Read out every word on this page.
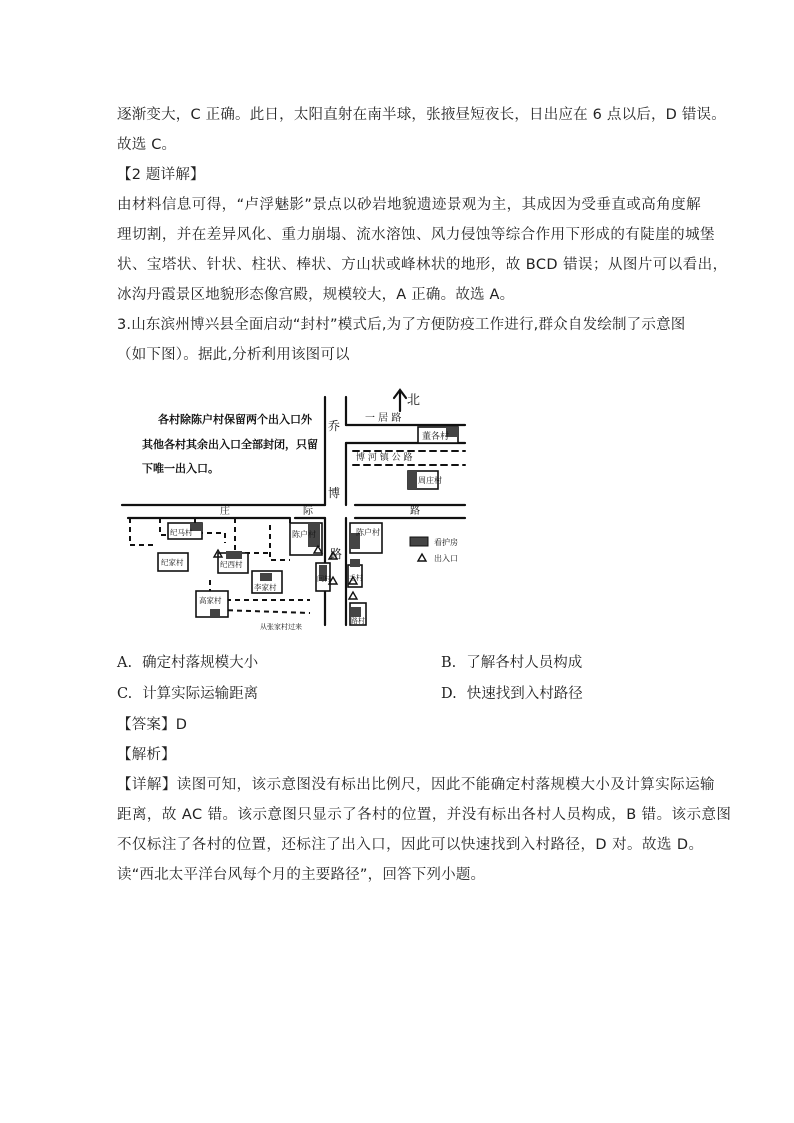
逐渐变大，C 正确。此日，太阳直射在南半球，张掖昼短夜长，日出应在 6 点以后，D 错误。
故选 C。
【2 题详解】
由材料信息可得，“卢浮魅影”景点以砂岩地貌遗迹景观为主，其成因为受垂直或高角度解
理切割，并在差异风化、重力崩塌、流水溶蚀、风力侵蚀等综合作用下形成的有陡崖的城堡
状、宝塔状、针状、柱状、棒状、方山状或峰林状的地形，故 BCD 错误；从图片可以看出，
冰沟丹霞景区地貌形态像宫殿，规模较大，A 正确。故选 A。
3.山东滨州博兴县全面启动“封村”模式后,为了方便防疫工作进行,群众自发绘制了示意图
（如下图）。据此,分析利用该图可以
董各村
周庄村
各村除陈户村保留两个出入口外
其他各村其余出入口全部封闭，只留
下唯一出入口。
北
一 居 路
博 河 镇 公 路
乔
博
庄	际	路
路
纪家村
纪马村
纪西村
李家村
高家村
从张家村过来
陈户村	陈户村
闫村	毛村
路村
看护房
出入口
A. 确定村落规模大小	B. 了解各村人员构成
C. 计算实际运输距离	D. 快速找到入村路径
【答案】D
【解析】
【详解】读图可知，该示意图没有标出比例尺，因此不能确定村落规模大小及计算实际运输
距离，故 AC 错。该示意图只显示了各村的位置，并没有标出各村人员构成，B 错。该示意图
不仅标注了各村的位置，还标注了出入口，因此可以快速找到入村路径，D 对。故选 D。
读“西北太平洋台风每个月的主要路径”，回答下列小题。
